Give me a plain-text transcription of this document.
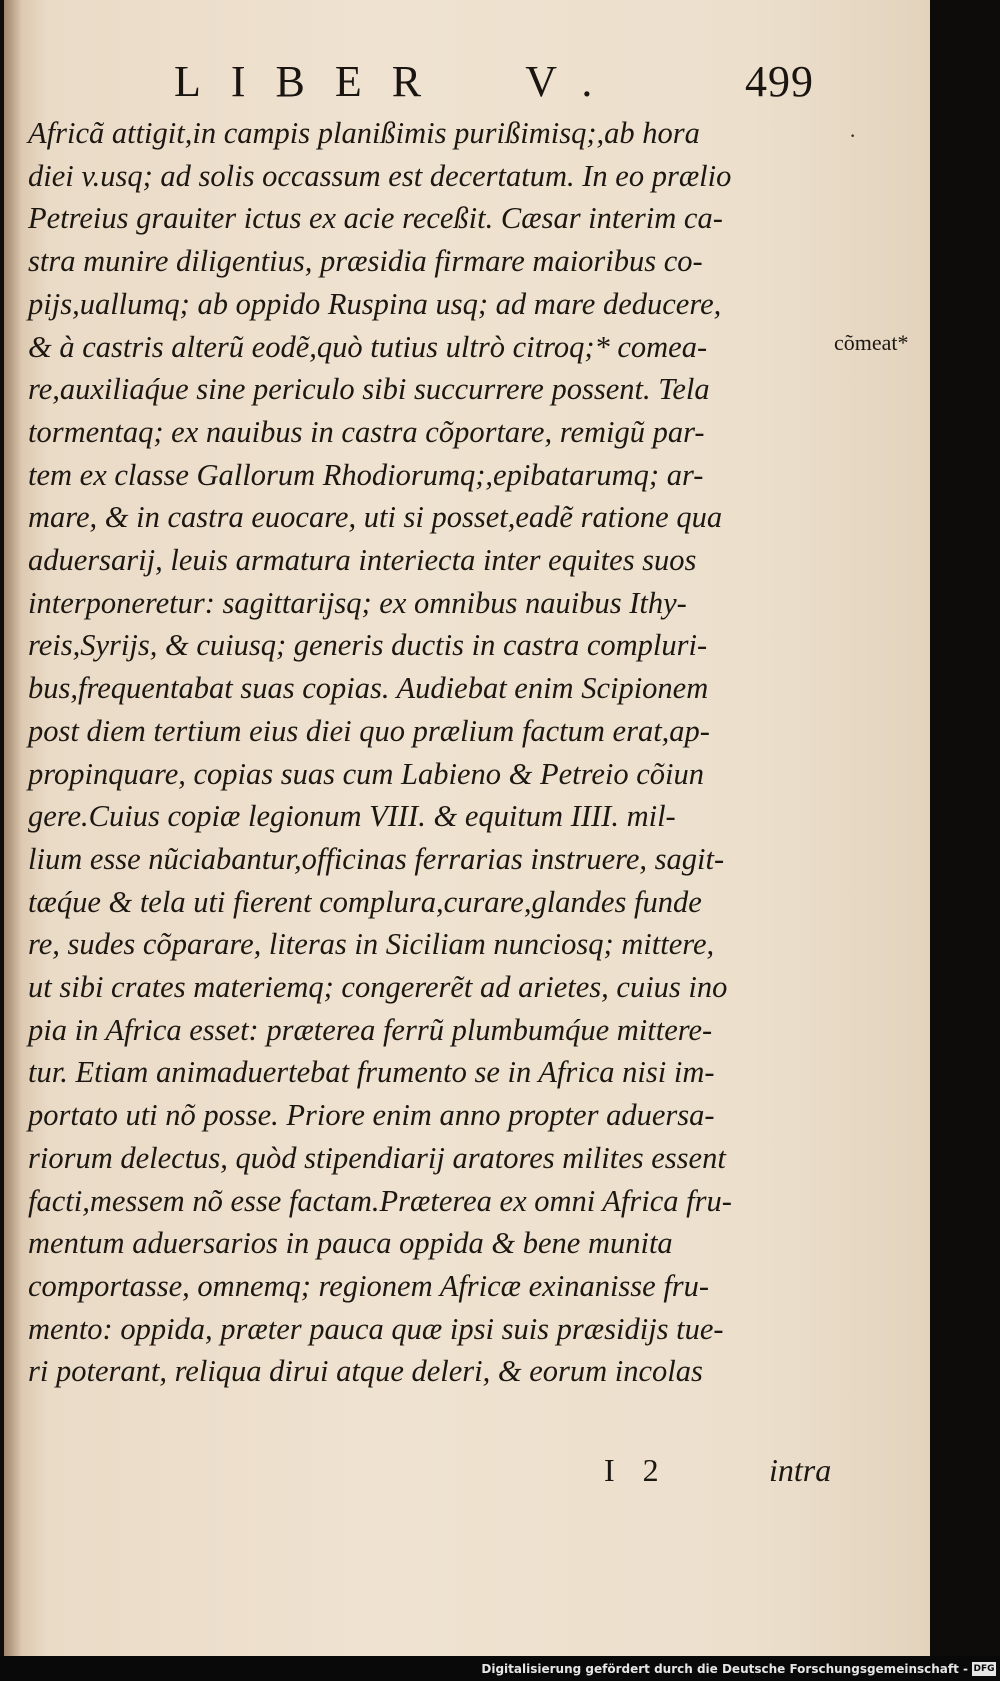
LIBER V.	499
·
Africã attigit,in campis planißimis purißimisq;,ab hora
diei v.usq; ad solis occassum est decertatum. In eo prælio
Petreius grauiter ictus ex acie receßit. Cæsar interim ca-
stra munire diligentius, præsidia firmare maioribus co-
pijs,uallumq; ab oppido Ruspina usq; ad mare deducere,
& à castris alterũ eodẽ,quò tutius ultrò citroq;* comea-
re,auxiliaq́ue sine periculo sibi succurrere possent. Tela
tormentaq; ex nauibus in castra cõportare, remigũ par-
tem ex classe Gallorum Rhodiorumq;,epibatarumq; ar-
mare, & in castra euocare, uti si posset,eadẽ ratione qua
aduersarij, leuis armatura interiecta inter equites suos
interponeretur: sagittarijsq; ex omnibus nauibus Ithy-
reis,Syrijs, & cuiusq; generis ductis in castra compluri-
bus,frequentabat suas copias. Audiebat enim Scipionem
post diem tertium eius diei quo prælium factum erat,ap-
propinquare, copias suas cum Labieno & Petreio cõiun
gere.Cuius copiæ legionum VIII. & equitum IIII. mil-
lium esse nũciabantur,officinas ferrarias instruere, sagit-
tæq́ue & tela uti fierent complura,curare,glandes funde
re, sudes cõparare, literas in Siciliam nunciosq; mittere,
ut sibi crates materiemq; congererẽt ad arietes, cuius ino
pia in Africa esset: præterea ferrũ plumbumq́ue mittere-
tur. Etiam animaduertebat frumento se in Africa nisi im-
portato uti nõ posse. Priore enim anno propter aduersa-
riorum delectus, quòd stipendiarij aratores milites essent
facti,messem nõ esse factam.Præterea ex omni Africa fru-
mentum aduersarios in pauca oppida & bene munita
comportasse, omnemq; regionem Africæ exinanisse fru-
mento: oppida, præter pauca quæ ipsi suis præsidijs tue-
ri poterant, reliqua dirui atque deleri, & eorum incolas
cõmeat*
I 2	intra
Digitalisierung gefördert durch die Deutsche Forschungsgemeinschaft - DFG
